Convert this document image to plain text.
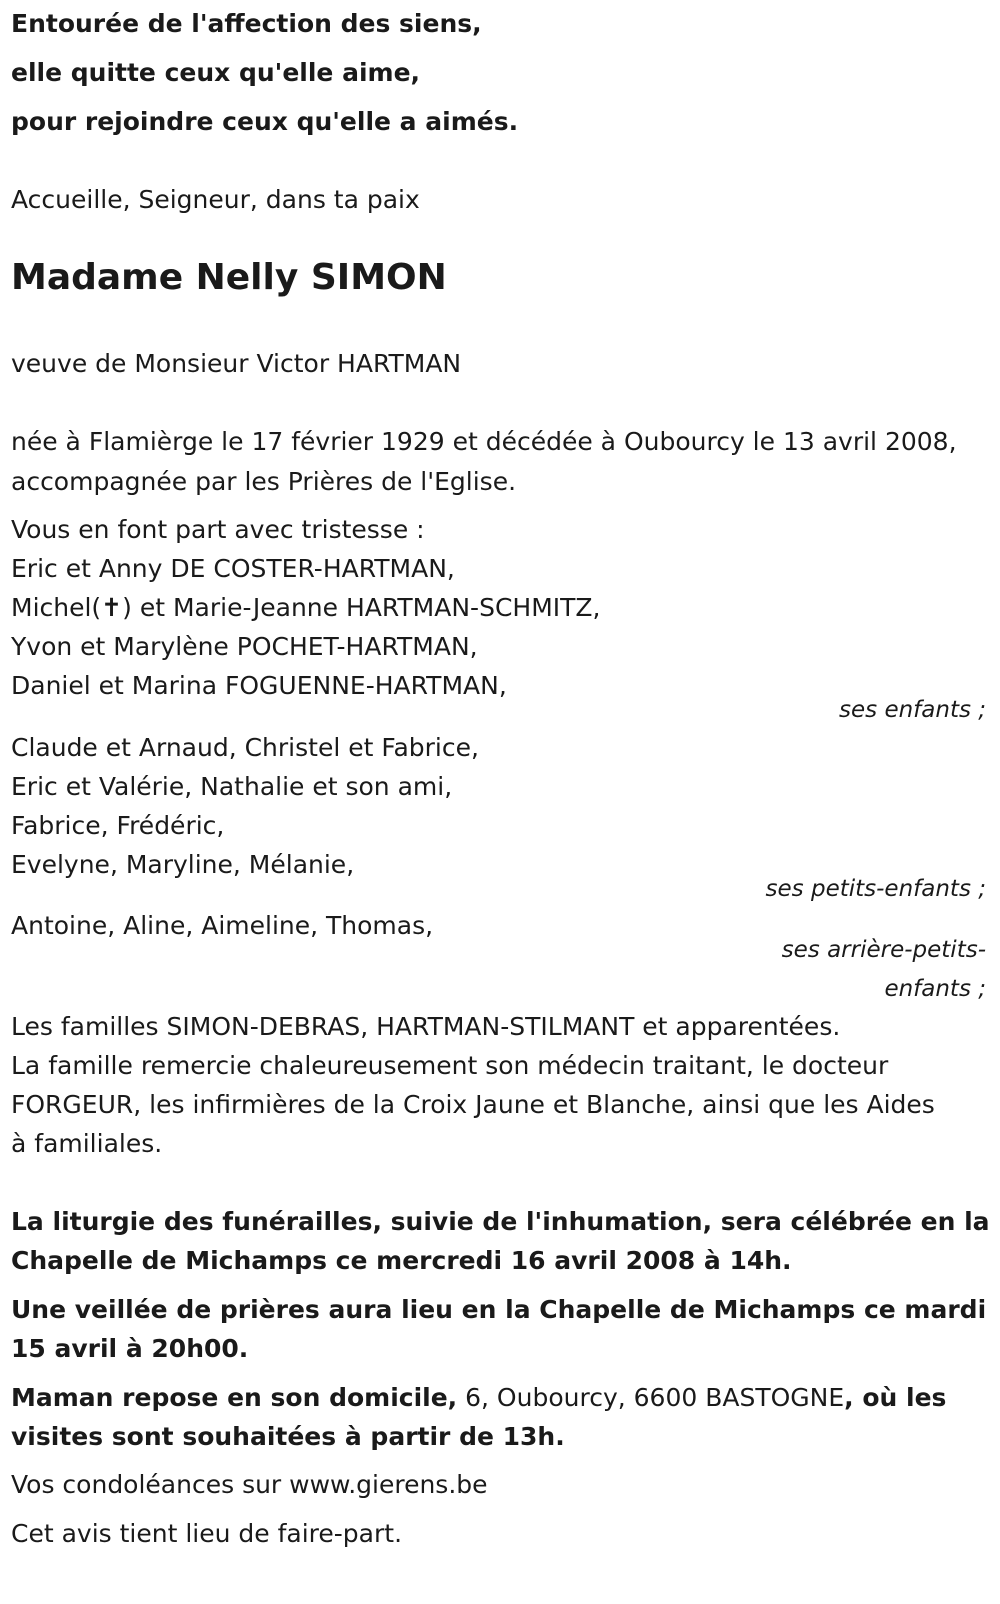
Entourée de l'affection des siens,
elle quitte ceux qu'elle aime,
pour rejoindre ceux qu'elle a aimés.
Accueille, Seigneur, dans ta paix
Madame Nelly SIMON
veuve de Monsieur Victor HARTMAN
née à Flamièrge le 17 février 1929 et décédée à Oubourcy le 13 avril 2008,
accompagnée par les Prières de l'Eglise.
Vous en font part avec tristesse :
Eric et Anny DE COSTER-HARTMAN,
Michel(✝) et Marie-Jeanne HARTMAN-SCHMITZ,
Yvon et Marylène POCHET-HARTMAN,
Daniel et Marina FOGUENNE-HARTMAN,
ses enfants ;
Claude et Arnaud, Christel et Fabrice,
Eric et Valérie, Nathalie et son ami,
Fabrice, Frédéric,
Evelyne, Maryline, Mélanie,
ses petits-enfants ;
Antoine, Aline, Aimeline, Thomas,
ses arrière-petits-
enfants ;
Les familles SIMON-DEBRAS, HARTMAN-STILMANT et apparentées.
La famille remercie chaleureusement son médecin traitant, le docteur
FORGEUR, les infirmières de la Croix Jaune et Blanche, ainsi que les Aides
à familiales.
La liturgie des funérailles, suivie de l'inhumation, sera célébrée en la
Chapelle de Michamps ce mercredi 16 avril 2008 à 14h.
Une veillée de prières aura lieu en la Chapelle de Michamps ce mardi
15 avril à 20h00.
Maman repose en son domicile, 6, Oubourcy, 6600 BASTOGNE, où les
visites sont souhaitées à partir de 13h.
Vos condoléances sur www.gierens.be
Cet avis tient lieu de faire-part.
